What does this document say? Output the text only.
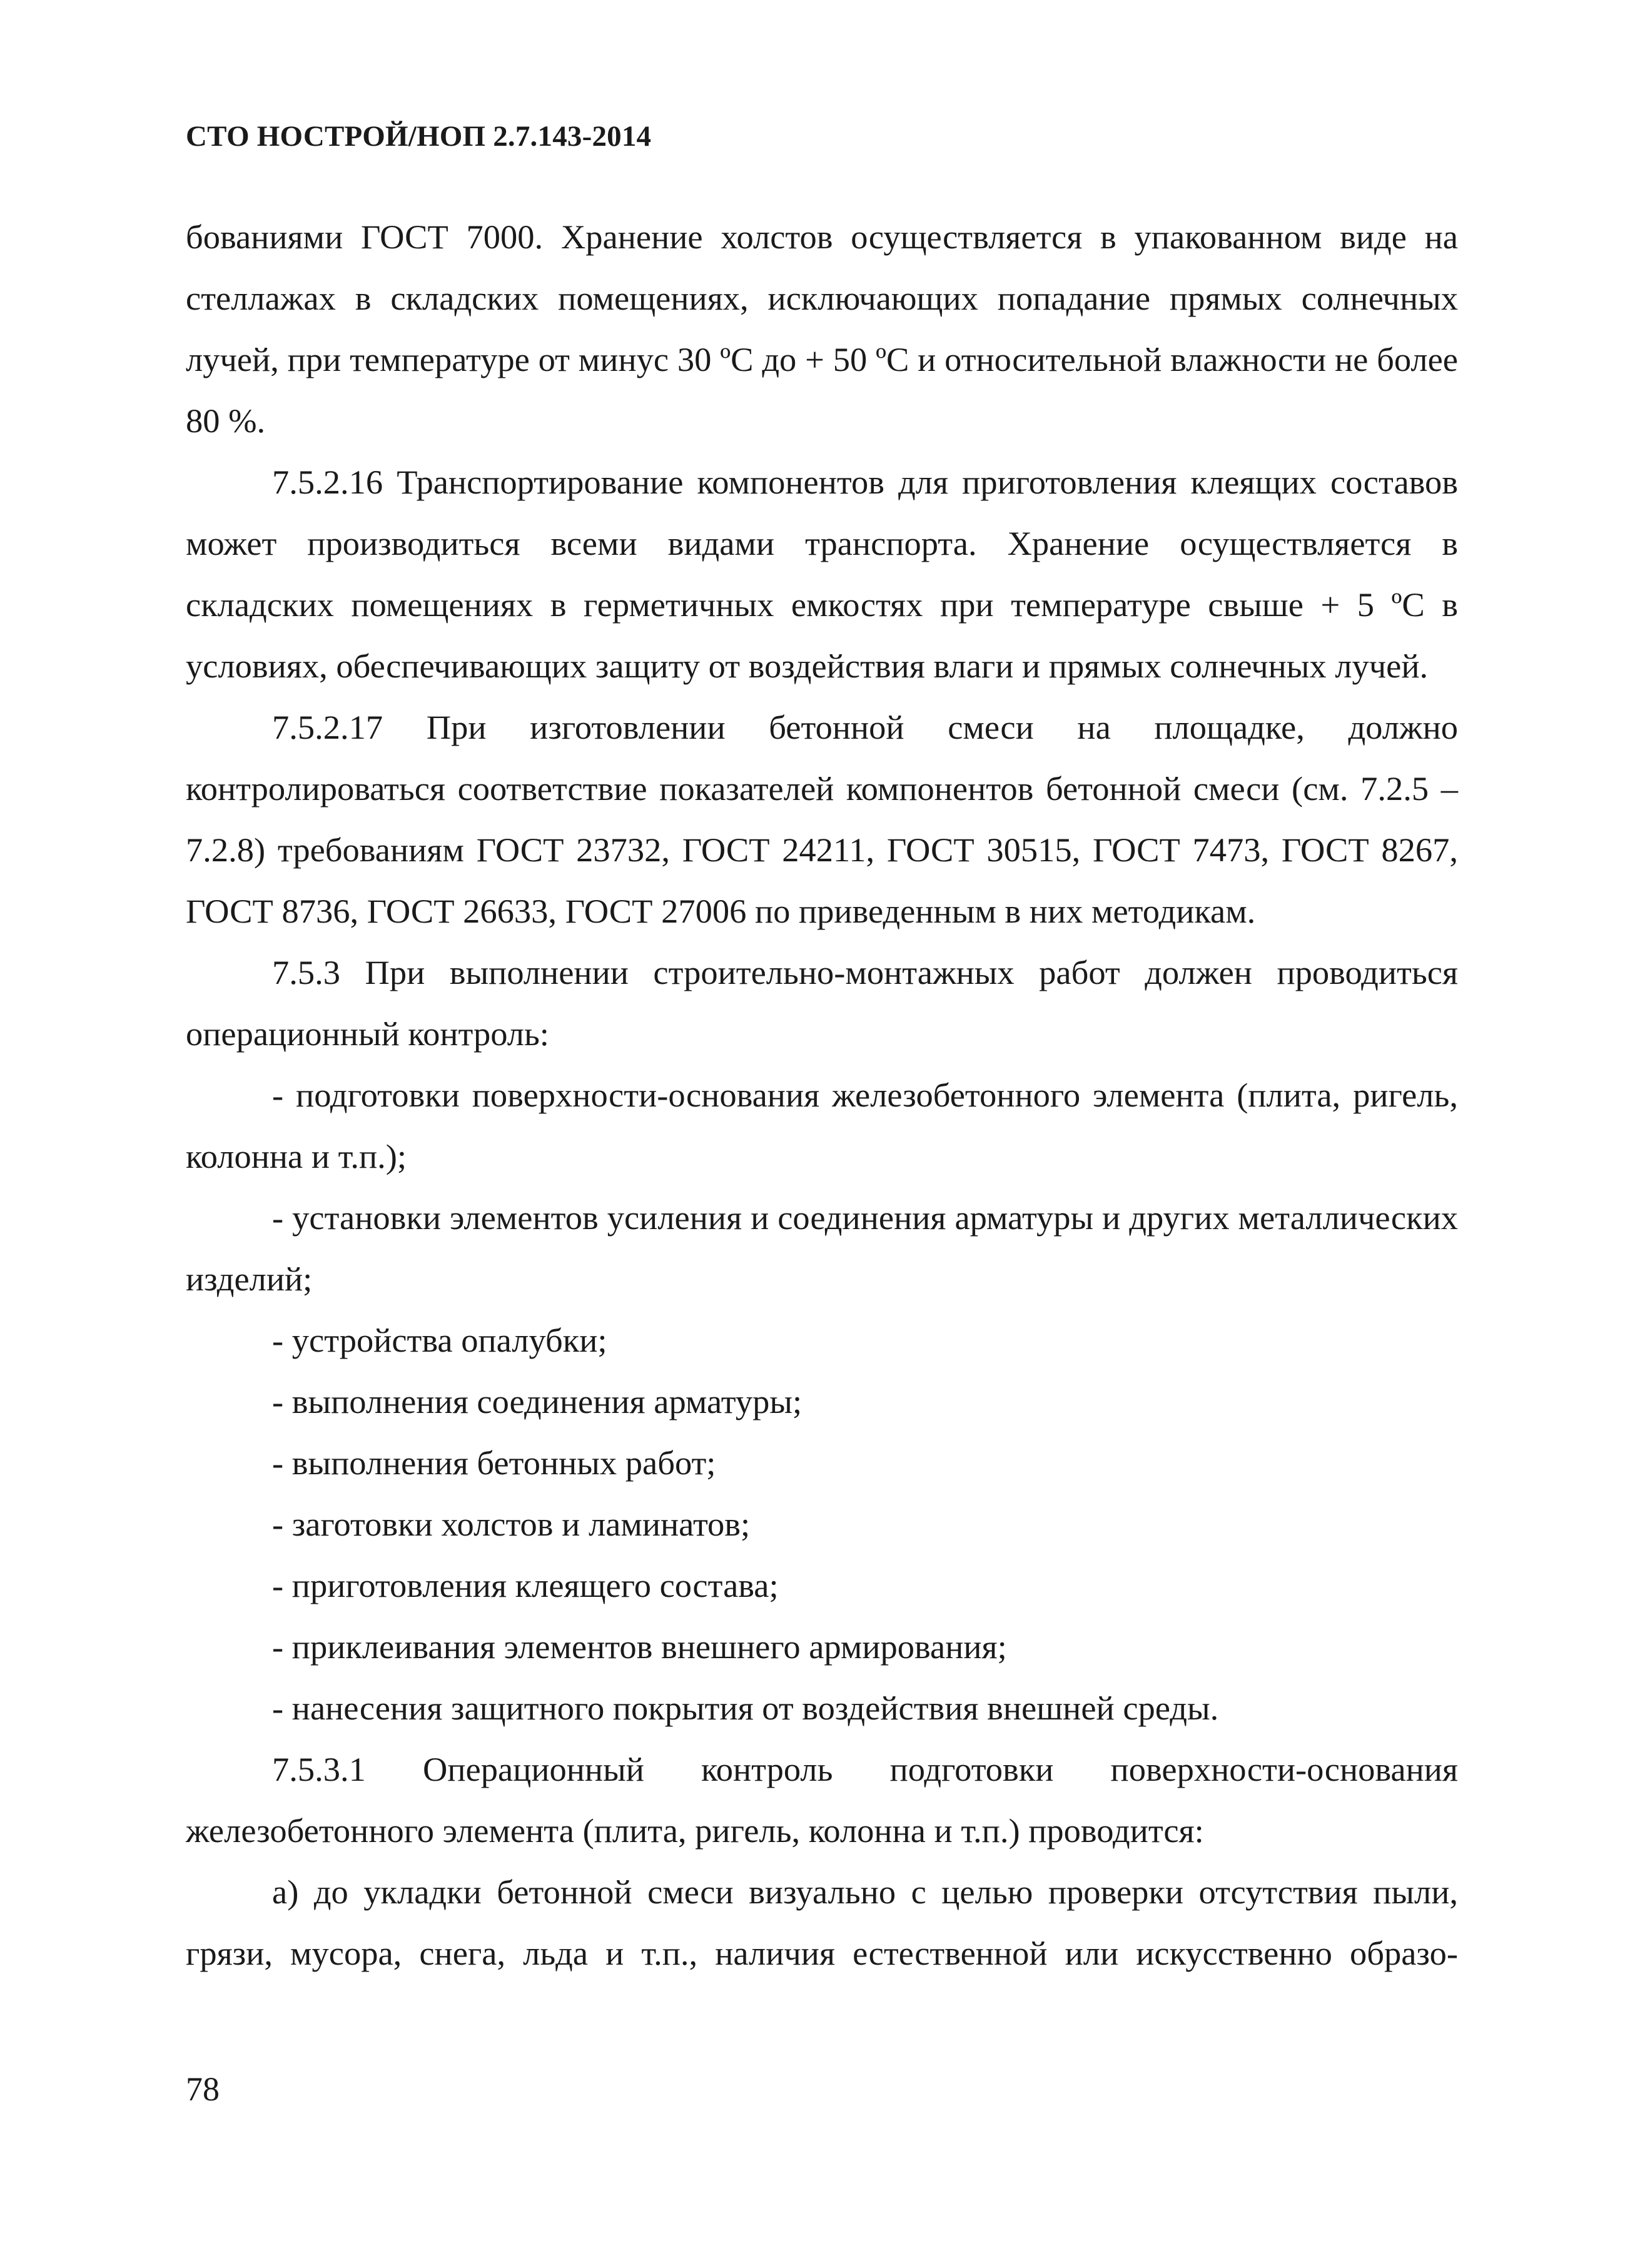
СТО НОСТРОЙ/НОП 2.7.143-2014

бованиями ГОСТ 7000. Хранение холстов осуществляется в упакованном виде на стеллажах в складских помещениях, исключающих попадание прямых солнечных лучей, при температуре от минус 30 ºС до + 50 ºС и относительной влажности не более 80 %.

7.5.2.16 Транспортирование компонентов для приготовления клеящих составов может производиться всеми видами транспорта. Хранение осуществляется в складских помещениях в герметичных емкостях при температуре свыше + 5 ºС в условиях, обеспечивающих защиту от воздействия влаги и прямых солнечных лучей.

7.5.2.17 При изготовлении бетонной смеси на площадке, должно контролироваться соответствие показателей компонентов бетонной смеси (см. 7.2.5 – 7.2.8) требованиям ГОСТ 23732, ГОСТ 24211, ГОСТ 30515, ГОСТ 7473, ГОСТ 8267, ГОСТ 8736, ГОСТ 26633, ГОСТ 27006 по приведенным в них методикам.

7.5.3 При выполнении строительно-монтажных работ должен проводиться операционный контроль:

- подготовки поверхности-основания железобетонного элемента (плита, ригель, колонна и т.п.);

- установки элементов усиления и соединения арматуры и других металлических изделий;

- устройства опалубки;

- выполнения соединения арматуры;

- выполнения бетонных работ;

- заготовки холстов и ламинатов;

- приготовления клеящего состава;

- приклеивания элементов внешнего армирования;

- нанесения защитного покрытия от воздействия внешней среды.

7.5.3.1 Операционный контроль подготовки поверхности-основания железобетонного элемента (плита, ригель, колонна и т.п.) проводится:

а) до укладки бетонной смеси визуально с целью проверки отсутствия пыли, грязи, мусора, снега, льда и т.п., наличия естественной или искусственно образо-

78
